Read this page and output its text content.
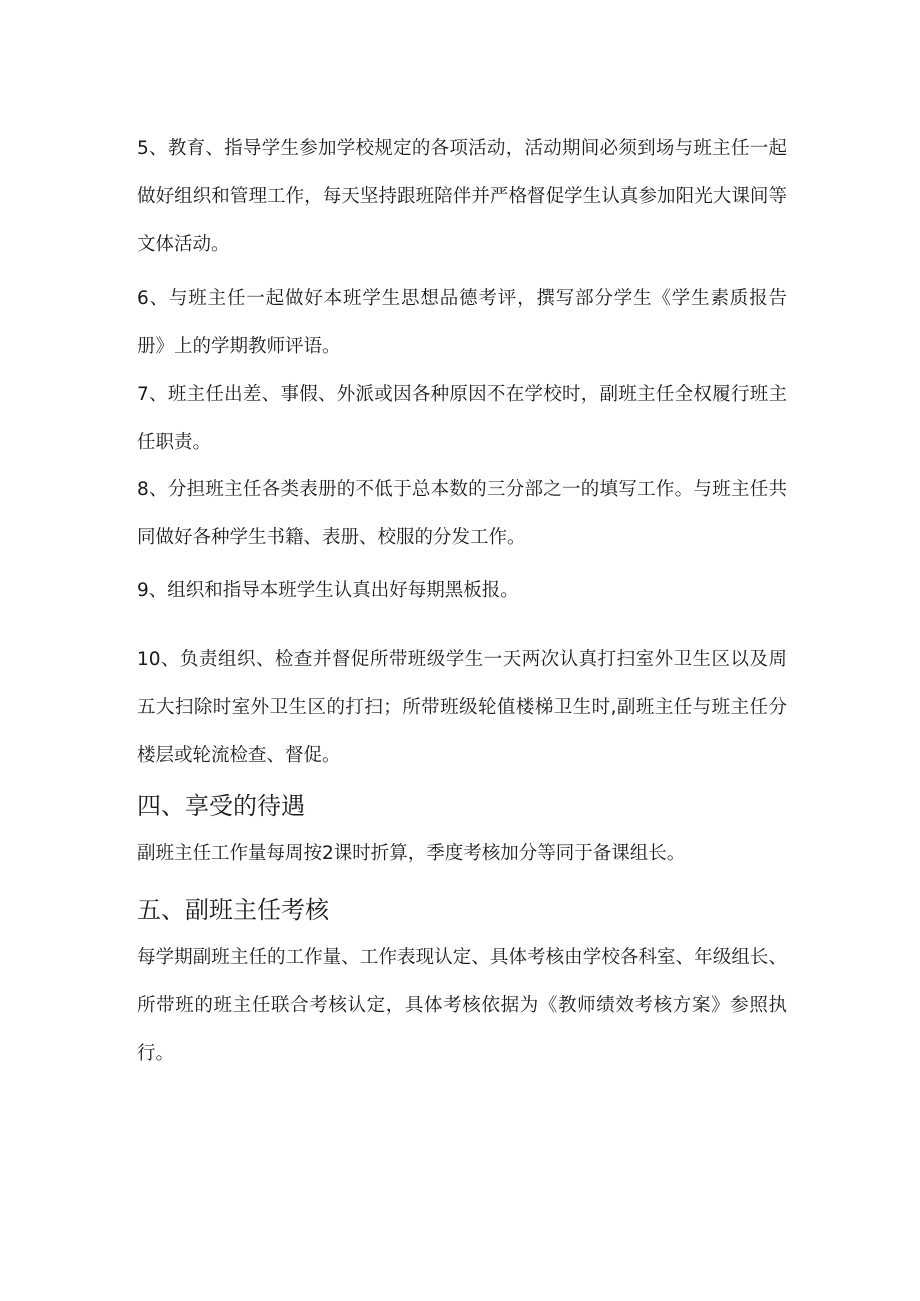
5、教育、指导学生参加学校规定的各项活动，活动期间必须到场与班主任一起做好组织和管理工作，每天坚持跟班陪伴并严格督促学生认真参加阳光大课间等文体活动。

6、与班主任一起做好本班学生思想品德考评，撰写部分学生《学生素质报告册》上的学期教师评语。

7、班主任出差、事假、外派或因各种原因不在学校时，副班主任全权履行班主任职责。

8、分担班主任各类表册的不低于总本数的三分部之一的填写工作。与班主任共同做好各种学生书籍、表册、校服的分发工作。

9、组织和指导本班学生认真出好每期黑板报。

10、负责组织、检查并督促所带班级学生一天两次认真打扫室外卫生区以及周五大扫除时室外卫生区的打扫；所带班级轮值楼梯卫生时,副班主任与班主任分楼层或轮流检查、督促。

四、享受的待遇

副班主任工作量每周按2课时折算，季度考核加分等同于备课组长。

五、副班主任考核

每学期副班主任的工作量、工作表现认定、具体考核由学校各科室、年级组长、所带班的班主任联合考核认定，具体考核依据为《教师绩效考核方案》参照执行。
